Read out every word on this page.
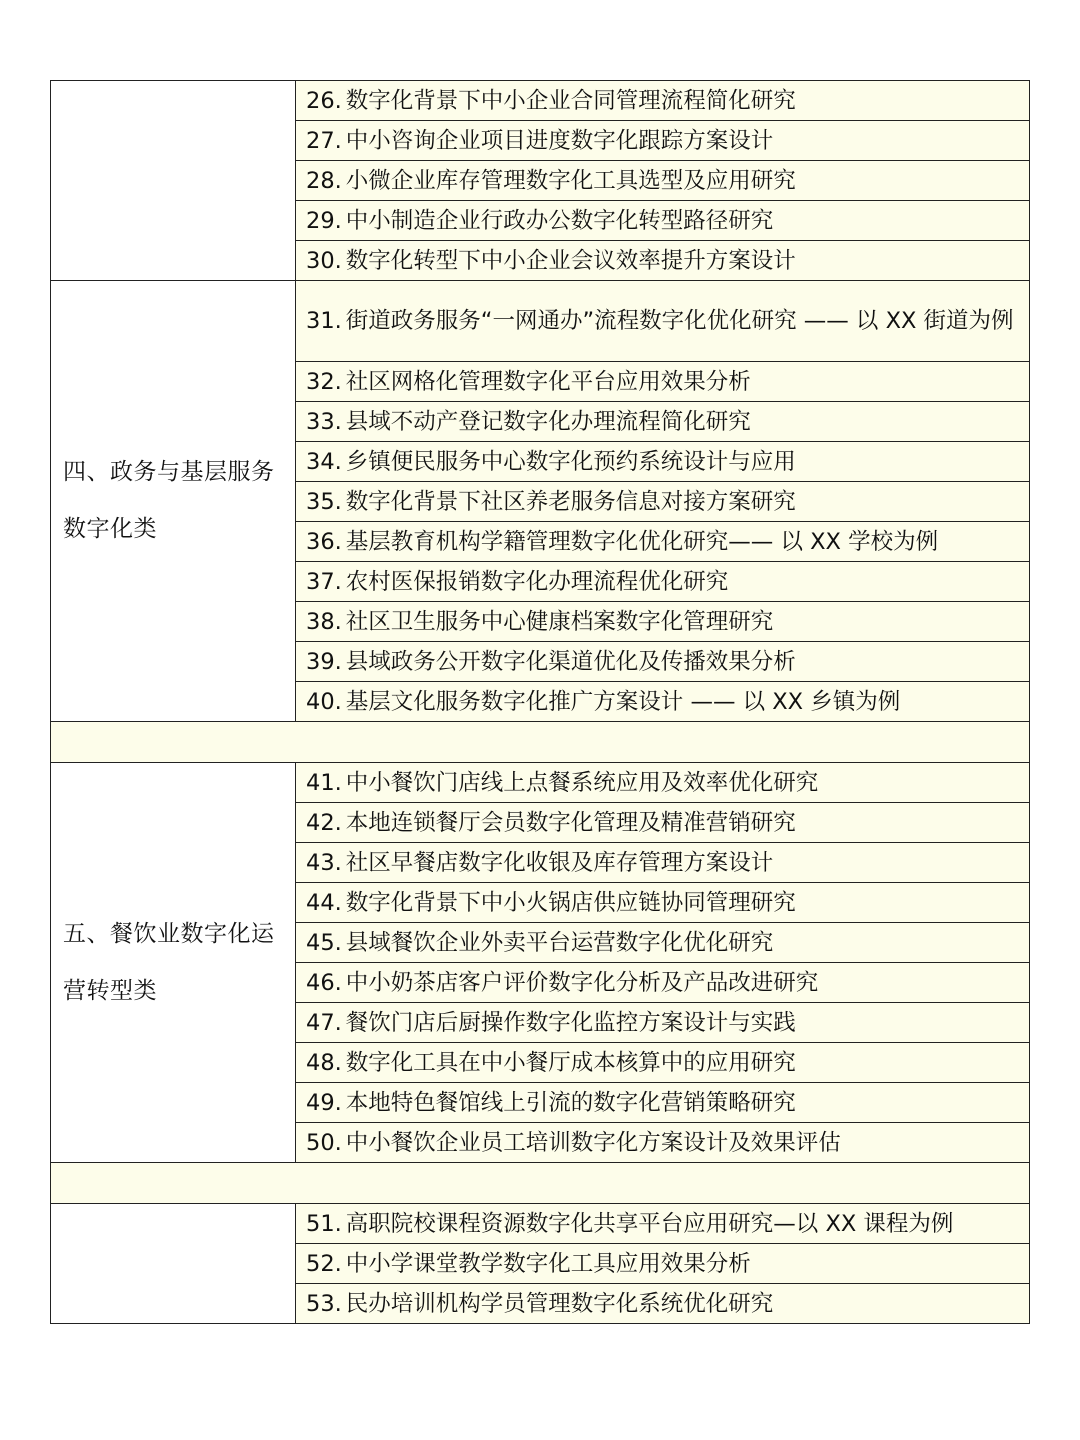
	26. 数字化背景下中小企业合同管理流程简化研究

	27. 中小咨询企业项目进度数字化跟踪方案设计

	28. 小微企业库存管理数字化工具选型及应用研究

	29. 中小制造企业行政办公数字化转型路径研究

	30. 数字化转型下中小企业会议效率提升方案设计

四、政务与基层服务数字化类	31. 街道政务服务“一网通办”流程数字化优化研究 —— 以 XX 街道为例

	32. 社区网格化管理数字化平台应用效果分析

	33. 县域不动产登记数字化办理流程简化研究

	34. 乡镇便民服务中心数字化预约系统设计与应用

	35. 数字化背景下社区养老服务信息对接方案研究

	36. 基层教育机构学籍管理数字化优化研究—— 以 XX 学校为例

	37. 农村医保报销数字化办理流程优化研究

	38. 社区卫生服务中心健康档案数字化管理研究

	39. 县域政务公开数字化渠道优化及传播效果分析

	40. 基层文化服务数字化推广方案设计 —— 以 XX 乡镇为例

五、餐饮业数字化运营转型类	41. 中小餐饮门店线上点餐系统应用及效率优化研究

	42. 本地连锁餐厅会员数字化管理及精准营销研究

	43. 社区早餐店数字化收银及库存管理方案设计

	44. 数字化背景下中小火锅店供应链协同管理研究

	45. 县域餐饮企业外卖平台运营数字化优化研究

	46. 中小奶茶店客户评价数字化分析及产品改进研究

	47. 餐饮门店后厨操作数字化监控方案设计与实践

	48. 数字化工具在中小餐厅成本核算中的应用研究

	49. 本地特色餐馆线上引流的数字化营销策略研究

	50. 中小餐饮企业员工培训数字化方案设计及效果评估

	51. 高职院校课程资源数字化共享平台应用研究—以 XX 课程为例

	52. 中小学课堂教学数字化工具应用效果分析

	53. 民办培训机构学员管理数字化系统优化研究
